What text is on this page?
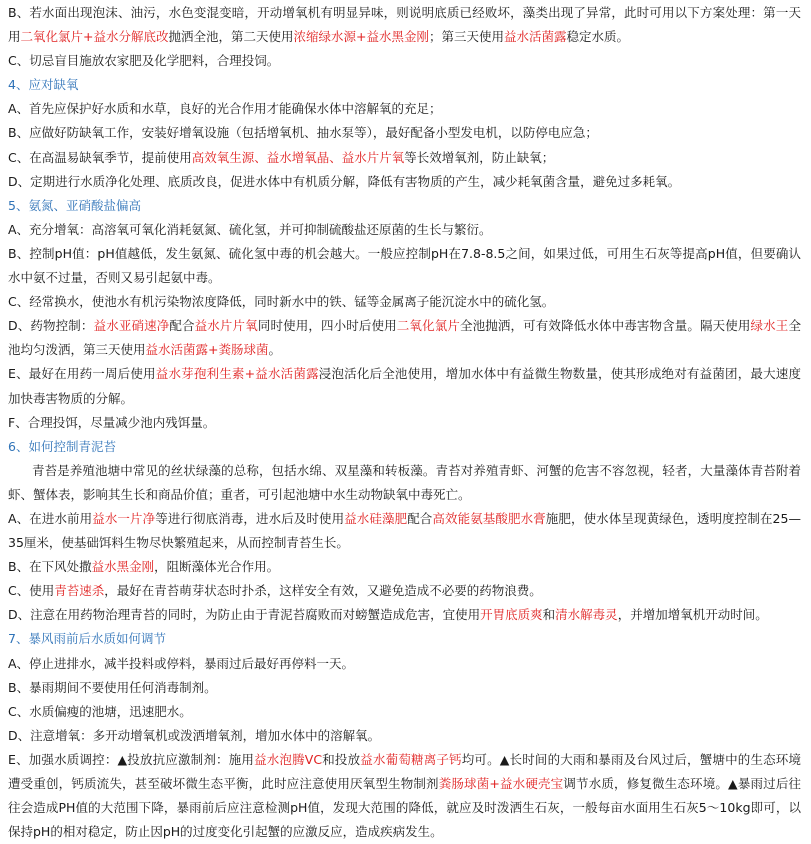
B、若水面出现泡沫、油污，水色变混变暗，开动增氧机有明显异味，则说明底质已经败坏，藻类出现了异常，此时可用以下方案处理：第一天用二氧化氯片+益水分解底改抛洒全池，第二天使用浓缩绿水源+益水黑金刚；第三天使用益水活菌露稳定水质。

C、切忌盲目施放农家肥及化学肥料，合理投饲。

4、应对缺氧

A、首先应保护好水质和水草，良好的光合作用才能确保水体中溶解氧的充足；

B、应做好防缺氧工作，安装好增氧设施（包括增氧机、抽水泵等），最好配备小型发电机，以防停电应急；

C、在高温易缺氧季节，提前使用高效氧生源、益水增氧晶、益水片片氧等长效增氧剂，防止缺氧；

D、定期进行水质净化处理、底质改良，促进水体中有机质分解，降低有害物质的产生，减少耗氧菌含量，避免过多耗氧。

5、氨氮、亚硝酸盐偏高

A、充分增氧：高溶氧可氧化消耗氨氮、硫化氢，并可抑制硫酸盐还原菌的生长与繁衍。

B、控制pH值：pH值越低，发生氨氮、硫化氢中毒的机会越大。一般应控制pH在7.8-8.5之间，如果过低，可用生石灰等提高pH值，但要确认水中氨不过量，否则又易引起氨中毒。

C、经常换水，使池水有机污染物浓度降低，同时新水中的铁、锰等金属离子能沉淀水中的硫化氢。

D、药物控制：益水亚硝速净配合益水片片氧同时使用，四小时后使用二氧化氯片全池抛洒，可有效降低水体中毒害物含量。隔天使用绿水王全池均匀泼洒，第三天使用益水活菌露+粪肠球菌。

E、最好在用药一周后使用益水芽孢利生素+益水活菌露浸泡活化后全池使用，增加水体中有益微生物数量，使其形成绝对有益菌团，最大速度加快毒害物质的分解。

F、合理投饵，尽量减少池内残饵量。

6、如何控制青泥苔

青苔是养殖池塘中常见的丝状绿藻的总称，包括水绵、双星藻和转板藻。青苔对养殖青虾、河蟹的危害不容忽视，轻者，大量藻体青苔附着虾、蟹体表，影响其生长和商品价值；重者，可引起池塘中水生动物缺氧中毒死亡。

A、在进水前用益水一片净等进行彻底消毒，进水后及时使用益水硅藻肥配合高效能氨基酸肥水膏施肥，使水体呈现黄绿色，透明度控制在25—35厘米，使基础饵料生物尽快繁殖起来，从而控制青苔生长。

B、在下风处撒益水黑金刚，阻断藻体光合作用。

C、使用青苔速杀，最好在青苔萌芽状态时扑杀，这样安全有效，又避免造成不必要的药物浪费。

D、注意在用药物治理青苔的同时，为防止由于青泥苔腐败而对螃蟹造成危害，宜使用开胃底质爽和清水解毒灵，并增加增氧机开动时间。

7、暴风雨前后水质如何调节

A、停止进排水，减半投料或停料，暴雨过后最好再停料一天。

B、暴雨期间不要使用任何消毒制剂。

C、水质偏瘦的池塘，迅速肥水。

D、注意增氧：多开动增氧机或泼洒增氧剂，增加水体中的溶解氧。

E、加强水质调控：▲投放抗应激制剂：施用益水泡腾VC和投放益水葡萄糖离子钙均可。▲长时间的大雨和暴雨及台风过后，蟹塘中的生态环境遭受重创，钙质流失，甚至破坏微生态平衡，此时应注意使用厌氧型生物制剂粪肠球菌+益水硬壳宝调节水质，修复微生态环境。▲暴雨过后往往会造成PH值的大范围下降，暴雨前后应注意检测pH值，发现大范围的降低，就应及时泼洒生石灰，一般每亩水面用生石灰5～10kg即可，以保持pH的相对稳定，防止因pH的过度变化引起蟹的应激反应，造成疾病发生。
